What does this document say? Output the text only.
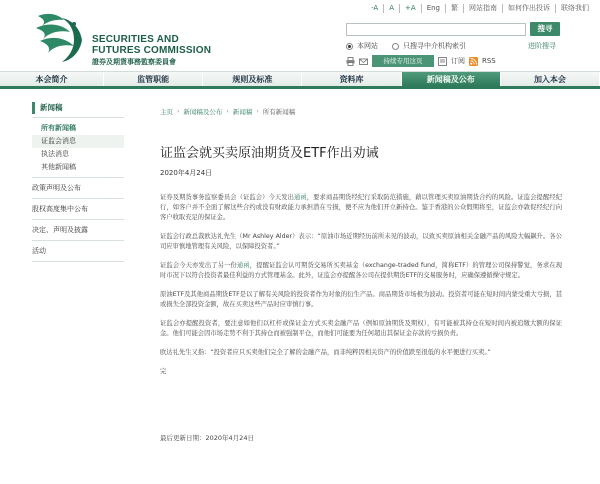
SECURITIES AND
FUTURES COMMISSION
證券及期貨事務監察委員會
-A	A	+A	Eng	繁	网站指南	如何作出投诉	联络我们
搜寻
本网站	只搜寻中介机构索引	进阶搜寻
持续专用这页	订阅 RSS
本会简介	监管职能	规则及标准	资料库	新闻稿及公布	加入本会
新闻稿
所有新闻稿
证监会消息
执法消息
其他新闻稿
政策声明及公布
股权高度集中公布
决定、声明及披露
活动
主页 › 新闻稿及公布 › 新闻稿 › 所有新闻稿
证监会就买卖原油期货及ETF作出劝诫
2020年4月24日

证券及期货事务监察委员会（证监会）今天发出通函，要求商品期货经纪行采取防范措施，藉以管理买卖原油期货合约的风险。证监会提醒经纪行，如客户并不全面了解这些合约或没有财政能力承担潜在亏损，便不应为他们开立新持仓。鉴于香港的公众假期将至，证监会亦敦促经纪行向客户收取充足的保证金。

证监会行政总裁欧达礼先生（Mr Ashley Alder）表示：“原油市场近期经历前所未见的波动，以致买卖原油相关金融产品的风险大幅飙升。各公司应审慎地管理有关风险，以保障投资者。”

证监会今天亦发出了另一份通函，提醒证监会认可期货交易所买卖基金（exchange-traded fund，简称ETF）的管理公司保持警觉，务求在现时市况下以符合投资者最佳利益的方式管理基金。此外，证监会亦提醒各公司在提供期货ETF的交易服务时，应确保遵循操守规定。

原油ETF及其他商品期货ETF是以了解有关风险的投资者作为对象的衍生产品。商品期货市场极为波动。投资者可能在短时间内蒙受重大亏损，甚或损失全部投资金额，故在买卖这些产品时应审慎行事。

证监会亦提醒投资者，要注意如他们以杠杆或保证金方式买卖金融产品（例如原油期货及期权），有可能被其持仓在短时间内被追缴大额的保证金。他们可能会因市场走势不利于其持仓而被强制平仓，而他们可能要为任何超出其保证金存款的亏损负责。

欧达礼先生又指：“投资者应只买卖他们完全了解的金融产品，而非纯粹因相关资产的价值跌至很低的水平便进行买卖。”

完

最后更新日期：2020年4月24日
